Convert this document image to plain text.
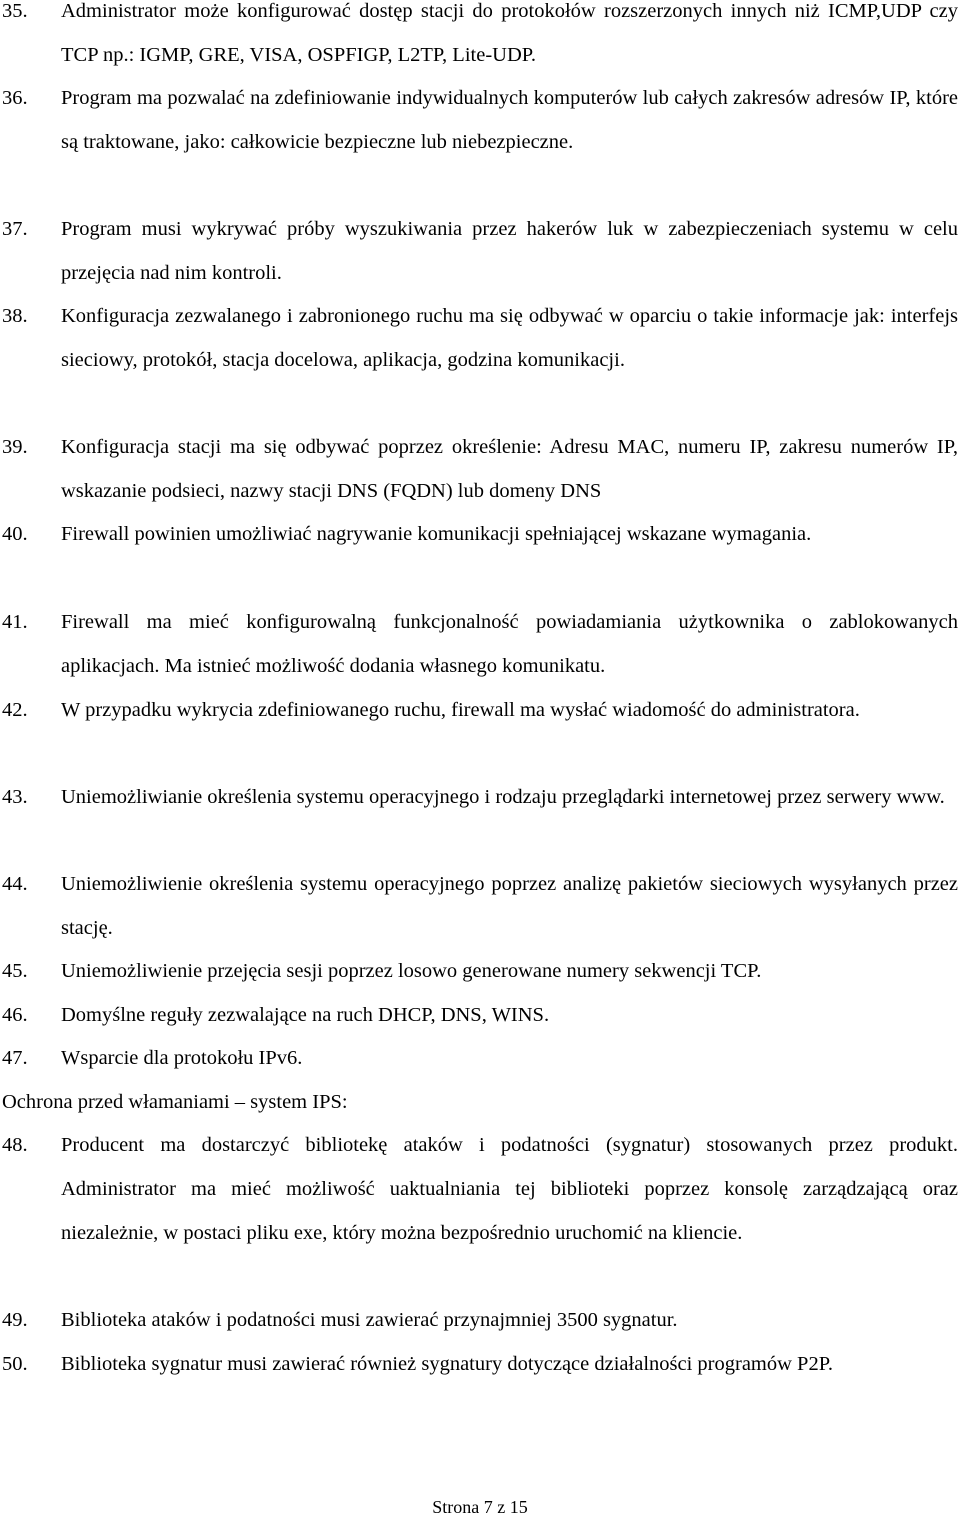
35. Administrator może konfigurować dostęp stacji do protokołów rozszerzonych innych niż ICMP,UDP czy TCP np.: IGMP, GRE, VISA, OSPFIGP, L2TP, Lite-UDP.
36. Program ma pozwalać na zdefiniowanie indywidualnych komputerów lub całych zakresów adresów IP, które są traktowane, jako: całkowicie bezpieczne lub niebezpieczne.
37. Program musi wykrywać próby wyszukiwania przez hakerów luk w zabezpieczeniach systemu w celu przejęcia nad nim kontroli.
38. Konfiguracja zezwalanego i zabronionego ruchu ma się odbywać w oparciu o takie informacje jak: interfejs sieciowy, protokół, stacja docelowa, aplikacja, godzina komunikacji.
39. Konfiguracja stacji ma się odbywać poprzez określenie: Adresu MAC, numeru IP, zakresu numerów IP, wskazanie podsieci, nazwy stacji DNS (FQDN) lub domeny DNS
40. Firewall powinien umożliwiać nagrywanie komunikacji spełniającej wskazane wymagania.
41. Firewall ma mieć konfigurowalną funkcjonalność powiadamiania użytkownika o zablokowanych aplikacjach. Ma istnieć możliwość dodania własnego komunikatu.
42. W przypadku wykrycia zdefiniowanego ruchu, firewall ma wysłać wiadomość do administratora.
43. Uniemożliwianie określenia systemu operacyjnego i rodzaju przeglądarki internetowej przez serwery www.
44. Uniemożliwienie określenia systemu operacyjnego poprzez analizę pakietów sieciowych wysyłanych przez stację.
45. Uniemożliwienie przejęcia sesji poprzez losowo generowane numery sekwencji TCP.
46. Domyślne reguły zezwalające na ruch DHCP, DNS, WINS.
47. Wsparcie dla protokołu IPv6.
Ochrona przed włamaniami – system IPS:
48. Producent ma dostarczyć bibliotekę ataków i podatności (sygnatur) stosowanych przez produkt. Administrator ma mieć możliwość uaktualniania tej biblioteki poprzez konsolę zarządzającą oraz niezależnie, w postaci pliku exe, który można bezpośrednio uruchomić na kliencie.
49. Biblioteka ataków i podatności musi zawierać przynajmniej 3500 sygnatur.
50. Biblioteka sygnatur musi zawierać również sygnatury dotyczące działalności programów P2P.
Strona 7 z 15
